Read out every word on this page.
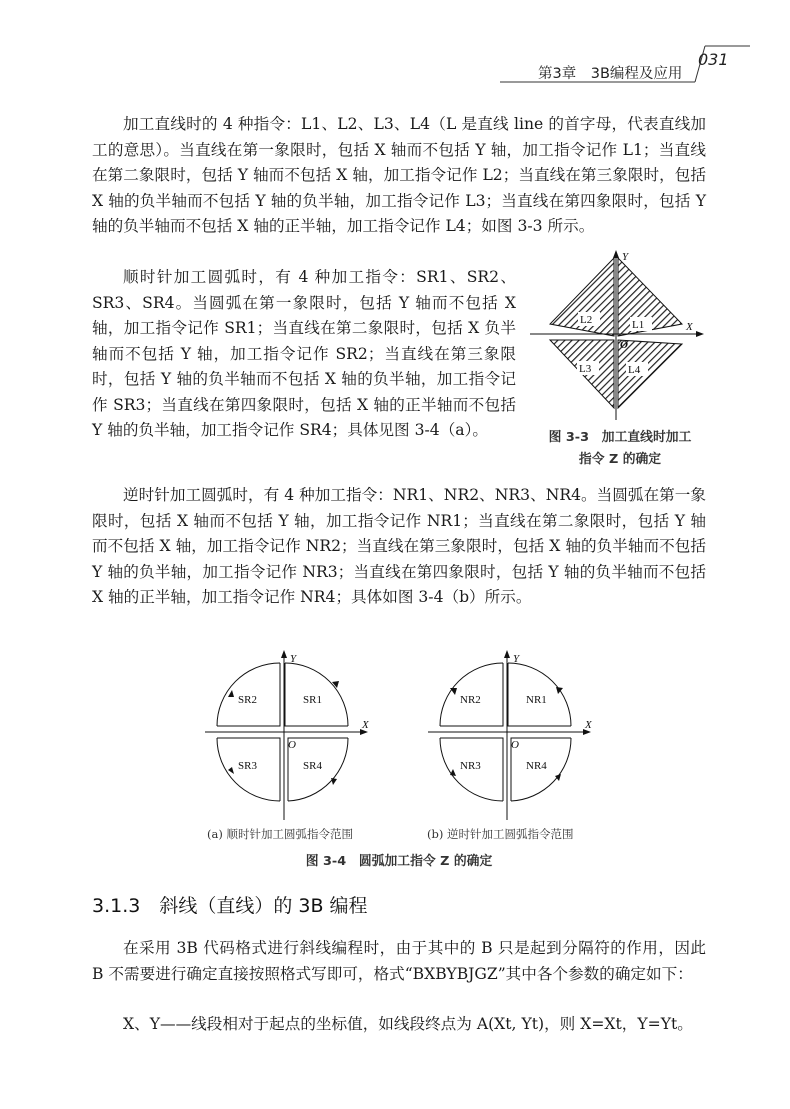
第3章　3B编程及应用
031

加工直线时的 4 种指令：L1、L2、L3、L4（L 是直线 line 的首字母，代表直线加工的意思）。当直线在第一象限时，包括 X 轴而不包括 Y 轴，加工指令记作 L1；当直线在第二象限时，包括 Y 轴而不包括 X 轴，加工指令记作 L2；当直线在第三象限时，包括 X 轴的负半轴而不包括 Y 轴的负半轴，加工指令记作 L3；当直线在第四象限时，包括 Y 轴的负半轴而不包括 X 轴的正半轴，加工指令记作 L4；如图 3-3 所示。

顺时针加工圆弧时，有 4 种加工指令：SR1、SR2、SR3、SR4。当圆弧在第一象限时，包括 Y 轴而不包括 X 轴，加工指令记作 SR1；当直线在第二象限时，包括 X 负半轴而不包括 Y 轴，加工指令记作 SR2；当直线在第三象限时，包括 Y 轴的负半轴而不包括 X 轴的负半轴，加工指令记作 SR3；当直线在第四象限时，包括 X 轴的正半轴而不包括 Y 轴的负半轴，加工指令记作 SR4；具体见图 3-4（a）。

逆时针加工圆弧时，有 4 种加工指令：NR1、NR2、NR3、NR4。当圆弧在第一象限时，包括 X 轴而不包括 Y 轴，加工指令记作 NR1；当直线在第二象限时，包括 Y 轴而不包括 X 轴，加工指令记作 NR2；当直线在第三象限时，包括 X 轴的负半轴而不包括 Y 轴的负半轴，加工指令记作 NR3；当直线在第四象限时，包括 Y 轴的负半轴而不包括 X 轴的正半轴，加工指令记作 NR4；具体如图 3-4（b）所示。

L1
L2
L3	L4
X
Y
O
图 3-3　加工直线时加工
指令 Z 的确定
SR1
SR2
SR3	SR4
X
Y
O
NR1
NR2
NR3	NR4
X
Y
O
(a) 顺时针加工圆弧指令范围	(b) 逆时针加工圆弧指令范围
图 3-4　圆弧加工指令 Z 的确定
3.1.3　斜线（直线）的 3B 编程

在采用 3B 代码格式进行斜线编程时，由于其中的 B 只是起到分隔符的作用，因此 B 不需要进行确定直接按照格式写即可，格式“BXBYBJGZ”其中各个参数的确定如下：

X、Y——线段相对于起点的坐标值，如线段终点为 A(Xt, Yt)，则 X=Xt，Y=Yt。
